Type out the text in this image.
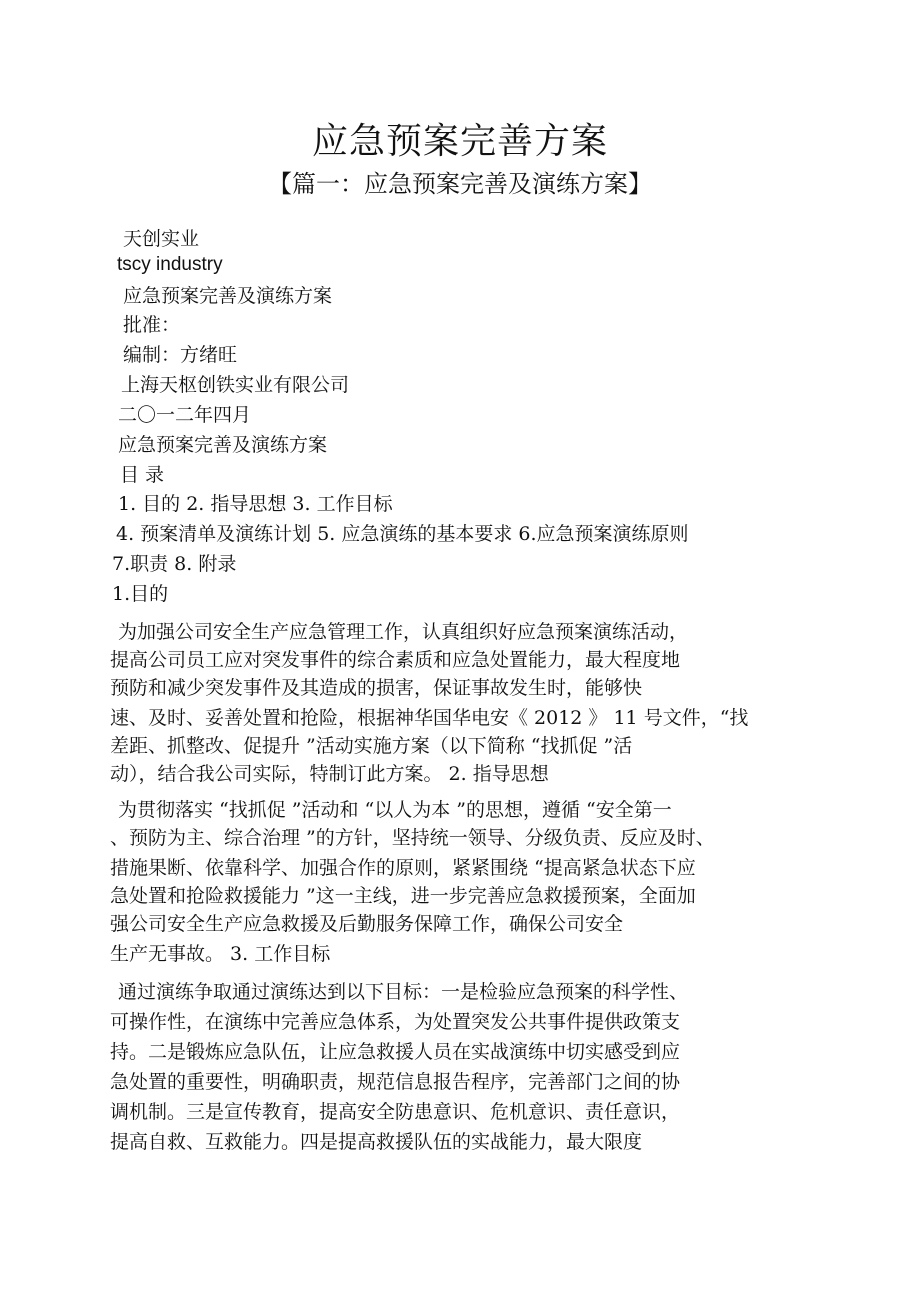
应急预案完善方案
【篇一：应急预案完善及演练方案】
天创实业
tscy industry
应急预案完善及演练方案
批准：
编制：方绪旺
上海天枢创铁实业有限公司
二〇一二年四月
应急预案完善及演练方案
目 录
1. 目的 2. 指导思想 3. 工作目标
4. 预案清单及演练计划 5. 应急演练的基本要求 6.应急预案演练原则
7.职责 8. 附录
1.目的
为加强公司安全生产应急管理工作，认真组织好应急预案演练活动，
提高公司员工应对突发事件的综合素质和应急处置能力，最大程度地
预防和减少突发事件及其造成的损害，保证事故发生时，能够快
速、及时、妥善处置和抢险，根据神华国华电安《 2012 》 11 号文件，“找
差距、抓整改、促提升 ”活动实施方案（以下简称 “找抓促 ”活
动），结合我公司实际，特制订此方案。 2. 指导思想
为贯彻落实 “找抓促 ”活动和 “以人为本 ”的思想，遵循 “安全第一
、预防为主、综合治理 ”的方针，坚持统一领导、分级负责、反应及时、
措施果断、依靠科学、加强合作的原则，紧紧围绕 “提高紧急状态下应
急处置和抢险救援能力 ”这一主线，进一步完善应急救援预案，全面加
强公司安全生产应急救援及后勤服务保障工作，确保公司安全
生产无事故。 3. 工作目标
通过演练争取通过演练达到以下目标：一是检验应急预案的科学性、
可操作性，在演练中完善应急体系，为处置突发公共事件提供政策支
持。二是锻炼应急队伍，让应急救援人员在实战演练中切实感受到应
急处置的重要性，明确职责，规范信息报告程序，完善部门之间的协
调机制。三是宣传教育，提高安全防患意识、危机意识、责任意识，
提高自救、互救能力。四是提高救援队伍的实战能力，最大限度
